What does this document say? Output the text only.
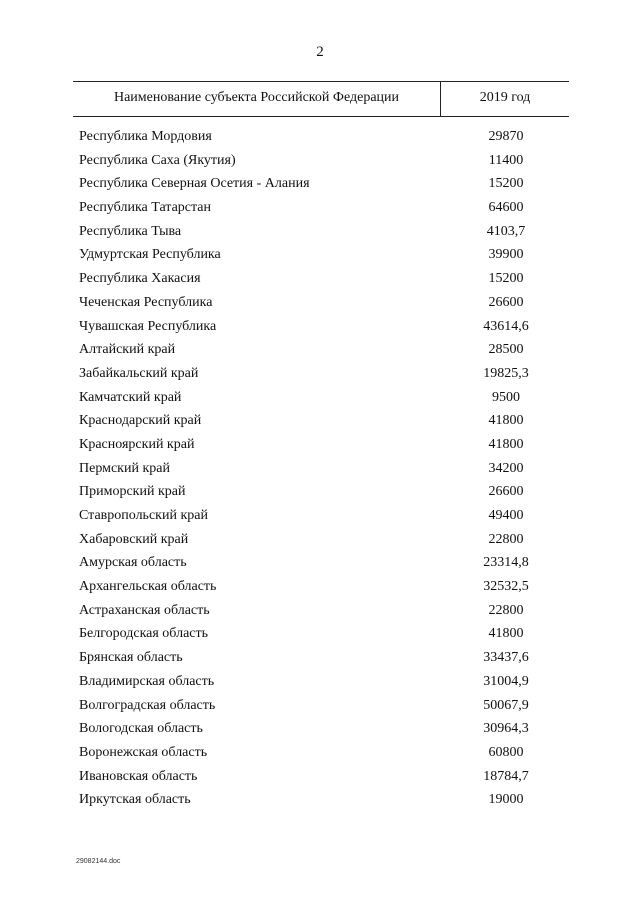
2
Наименование субъекта Российской Федерации	2019 год
Республика Мордовия	29870
Республика Саха (Якутия)	11400
Республика Северная Осетия - Алания	15200
Республика Татарстан	64600
Республика Тыва	4103,7
Удмуртская Республика	39900
Республика Хакасия	15200
Чеченская Республика	26600
Чувашская Республика	43614,6
Алтайский край	28500
Забайкальский край	19825,3
Камчатский край	9500
Краснодарский край	41800
Красноярский край	41800
Пермский край	34200
Приморский край	26600
Ставропольский край	49400
Хабаровский край	22800
Амурская область	23314,8
Архангельская область	32532,5
Астраханская область	22800
Белгородская область	41800
Брянская область	33437,6
Владимирская область	31004,9
Волгоградская область	50067,9
Вологодская область	30964,3
Воронежская область	60800
Ивановская область	18784,7
Иркутская область	19000
29082144.doc
